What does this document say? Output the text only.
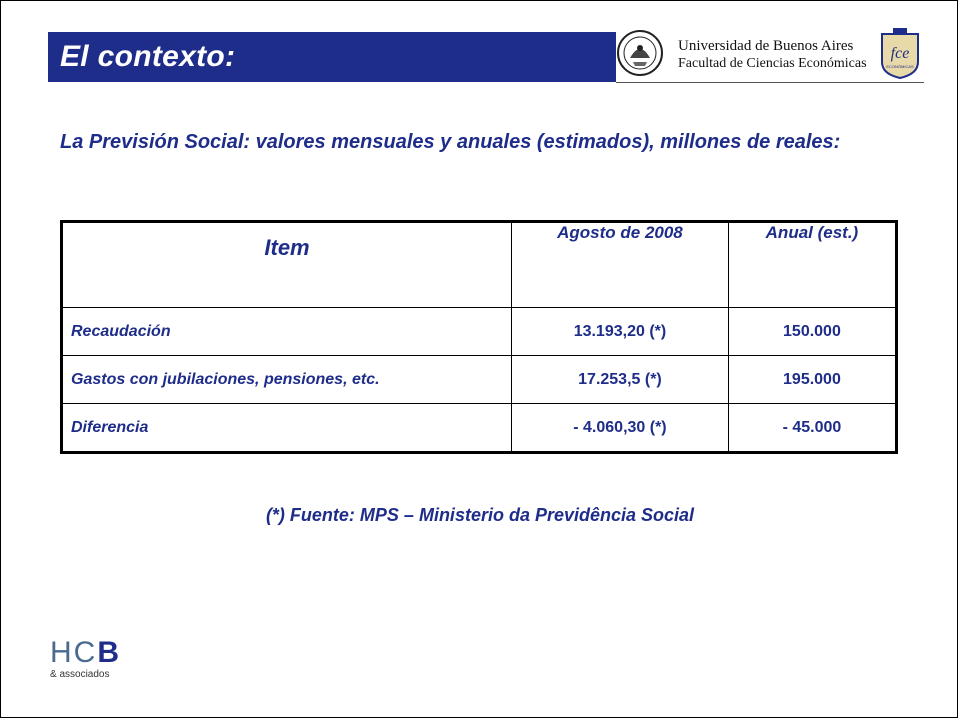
El contexto:	Universidad de Buenos Aires
Facultad de Ciencias Económicas
fce
ECONÓMICAS
La Previsión Social: valores mensuales y anuales (estimados), millones de reales:
Item	Agosto de 2008	Anual (est.)
Recaudación	13.193,20 (*)	150.000
Gastos con jubilaciones, pensiones, etc.	17.253,5 (*)	195.000
Diferencia	- 4.060,30 (*)	- 45.000
(*) Fuente: MPS – Ministerio da Previdência Social
HCB
& associados
